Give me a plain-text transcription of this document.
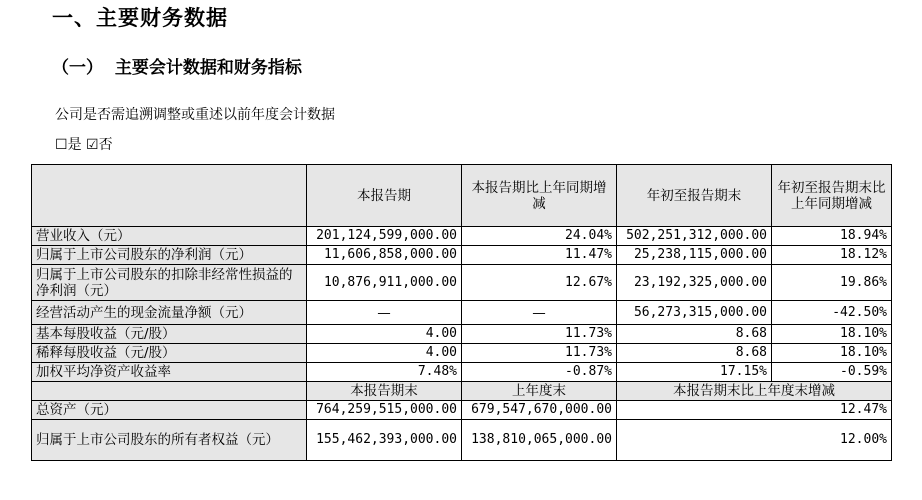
一、主要财务数据
（一）  主要会计数据和财务指标
公司是否需追溯调整或重述以前年度会计数据
☐是 ☑否
	本报告期	本报告期比上年同期增减	年初至报告期末	年初至报告期末比上年同期增减
营业收入（元）	201,124,599,000.00	24.04%	502,251,312,000.00	18.94%
归属于上市公司股东的净利润（元）	11,606,858,000.00	11.47%	25,238,115,000.00	18.12%
归属于上市公司股东的扣除非经常性损益的净利润（元）	10,876,911,000.00	12.67%	23,192,325,000.00	19.86%
经营活动产生的现金流量净额（元）	—	—	56,273,315,000.00	-42.50%
基本每股收益（元/股）	4.00	11.73%	8.68	18.10%
稀释每股收益（元/股）	4.00	11.73%	8.68	18.10%
加权平均净资产收益率	7.48%	-0.87%	17.15%	-0.59%
	本报告期末	上年度末	本报告期末比上年度末增减	
总资产（元）	764,259,515,000.00	679,547,670,000.00	12.47%	
归属于上市公司股东的所有者权益（元）	155,462,393,000.00	138,810,065,000.00	12.00%	
